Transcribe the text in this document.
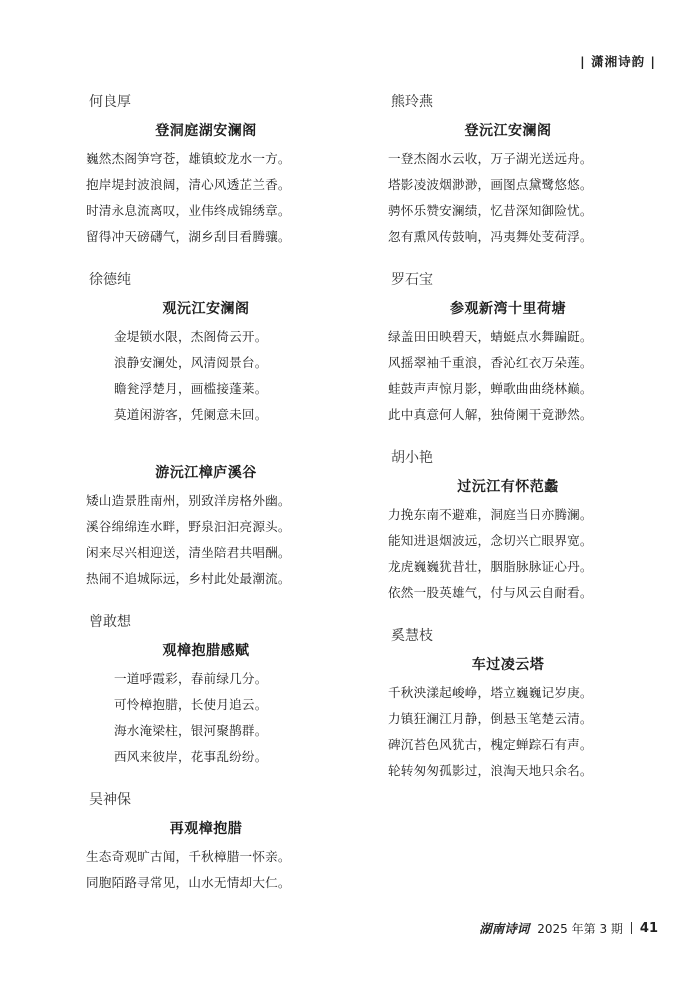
| 潇湘诗韵 |
何良厚
登洞庭湖安澜阁
巍然杰阁笋穹苍，雄镇蛟龙水一方。
抱岸堤封波浪阔，清心风透芷兰香。
时清永息流离叹，业伟终成锦绣章。
留得冲天磅礴气，湖乡刮目看腾骧。
徐德纯
观沅江安澜阁
金堤锁水限，杰阁倚云开。
浪静安澜处，风清阅景台。
瞻瓮浮楚月，画槛接蓬莱。
莫道闲游客，凭阑意未回。
游沅江樟庐溪谷
矮山造景胜南州，别致洋房格外幽。
溪谷绵绵连水畔，野泉汩汩亮源头。
闲来尽兴相迎送，清坐陪君共唱酬。
热闹不追城际远，乡村此处最潮流。
曾敢想
观樟抱腊感赋
一道呼霞彩，春前绿几分。
可怜樟抱腊，长使月追云。
海水淹梁柱，银河聚鹊群。
西风来彼岸，花事乱纷纷。
吴神保
再观樟抱腊
生态奇观旷古闻，千秋樟腊一怀亲。
同胞陌路寻常见，山水无情却大仁。
熊玲燕
登沅江安澜阁
一登杰阁水云收，万子湖光送远舟。
塔影凌波烟渺渺，画图点黛鹭悠悠。
骋怀乐赞安澜绩，忆昔深知御险忧。
忽有熏风传鼓响，冯夷舞处芰荷浮。
罗石宝
参观新湾十里荷塘
绿盖田田映碧天，蜻蜓点水舞蹁跹。
风摇翠袖千重浪，香沁红衣万朵莲。
蛙鼓声声惊月影，蝉歌曲曲绕林巅。
此中真意何人解，独倚阑干竟渺然。
胡小艳
过沅江有怀范蠡
力挽东南不避难，洞庭当日亦腾澜。
能知进退烟波远，念切兴亡眼界宽。
龙虎巍巍犹昔壮，胭脂脉脉证心丹。
依然一股英雄气，付与风云自耐看。
奚慧枝
车过凌云塔
千秋泱漾起峻峥，塔立巍巍记岁庚。
力镇狂澜江月静，倒悬玉笔楚云清。
碑沉苔色风犹古，槐定蝉踪石有声。
轮转匆匆孤影过，浪淘天地只余名。
湖南诗词 2025 年第 3 期 41
